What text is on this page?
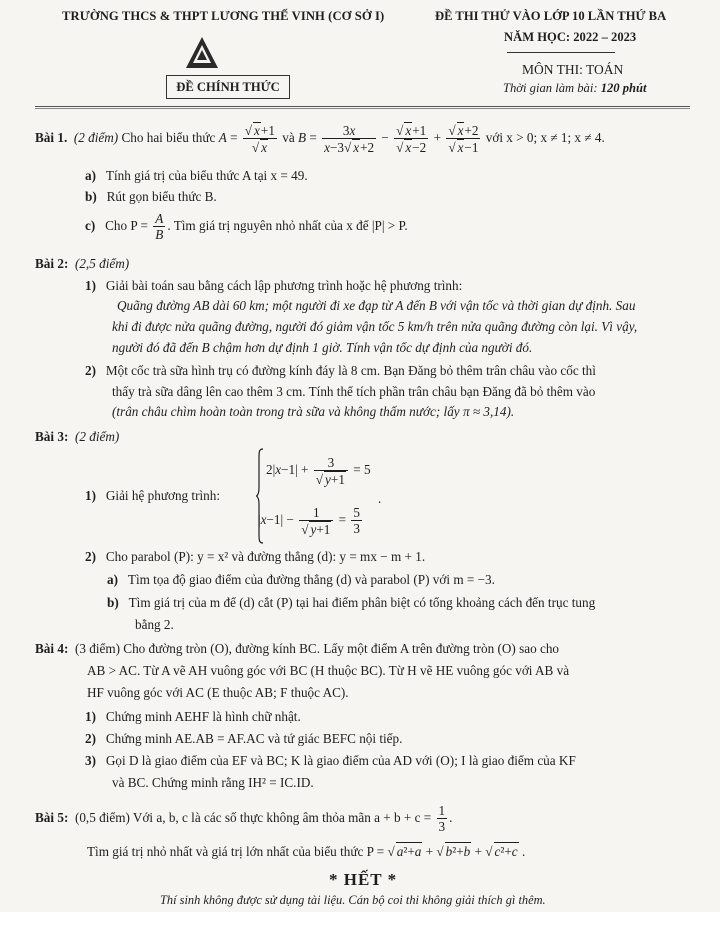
TRƯỜNG THCS & THPT LƯƠNG THẾ VINH (CƠ SỞ I)	ĐỀ THI THỬ VÀO LỚP 10 LẦN THỨ BA
NĂM HỌC: 2022 – 2023
MÔN THI: TOÁN
Thời gian làm bài: 120 phút
ĐỀ CHÍNH THỨC
Bài 1. (2 điểm) Cho hai biểu thức $A = \frac{√ x+1}{√ x}$ và $B = \frac{3x}{x-3√ x+2} - \frac{√ x+1}{√ x-2} + \frac{√ x+2}{√ x-1}$ với x > 0; x ≠ 1; x ≠ 4.
a) Tính giá trị của biểu thức A tại x = 49.
b) Rút gọn biểu thức B.
c) Cho $P = \frac{A}{B}$ . Tìm giá trị nguyên nhỏ nhất của x để |P| > P.
Bài 2: (2,5 điểm)
1) Giải bài toán sau bằng cách lập phương trình hoặc hệ phương trình:
Quãng đường AB dài 60 km; một người đi xe đạp từ A đến B với vận tốc và thời gian dự định. Sau
khi đi được nửa quãng đường, người đó giảm vận tốc 5 km/h trên nửa quãng đường còn lại. Vì vậy,
người đó đã đến B chậm hơn dự định 1 giờ. Tính vận tốc dự định của người đó.
2) Một cốc trà sữa hình trụ có đường kính đáy là 8 cm. Bạn Đăng bỏ thêm trân châu vào cốc thì
thấy trà sữa dâng lên cao thêm 3 cm. Tính thể tích phần trân châu bạn Đăng đã bỏ thêm vào
(trân châu chìm hoàn toàn trong trà sữa và không thấm nước; lấy π ≈ 3,14).
Bài 3: (2 điểm)
1) Giải hệ phương trình:
$2|x-1| + \frac{3}{√ y+1} = 5$
$|x-1| - \frac{1}{√ y+1} = \frac{5}{3}$
.
2) Cho parabol (P): y = x² và đường thẳng (d): y = mx − m + 1.
a) Tìm tọa độ giao điểm của đường thẳng (d) và parabol (P) với m = −3.
b) Tìm giá trị của m để (d) cắt (P) tại hai điểm phân biệt có tổng khoảng cách đến trục tung
bằng 2.
Bài 4: (3 điểm) Cho đường tròn (O), đường kính BC. Lấy một điểm A trên đường tròn (O) sao cho
AB > AC. Từ A vẽ AH vuông góc với BC (H thuộc BC). Từ H vẽ HE vuông góc với AB và
HF vuông góc với AC (E thuộc AB; F thuộc AC).
1) Chứng minh AEHF là hình chữ nhật.
2) Chứng minh AE.AB = AF.AC và tứ giác BEFC nội tiếp.
3) Gọi D là giao điểm của EF và BC; K là giao điểm của AD với (O); I là giao điểm của KF
và BC. Chứng minh rằng IH² = IC.ID.
Bài 5: (0,5 điểm) Với a, b, c là các số thực không âm thỏa mãn $a + b + c = \frac{1}{3}$ .
Tìm giá trị nhỏ nhất và giá trị lớn nhất của biểu thức P = √ a²+a + √ b²+b + √ c²+c .
* HẾT *
Thí sinh không được sử dụng tài liệu. Cán bộ coi thi không giải thích gì thêm.
